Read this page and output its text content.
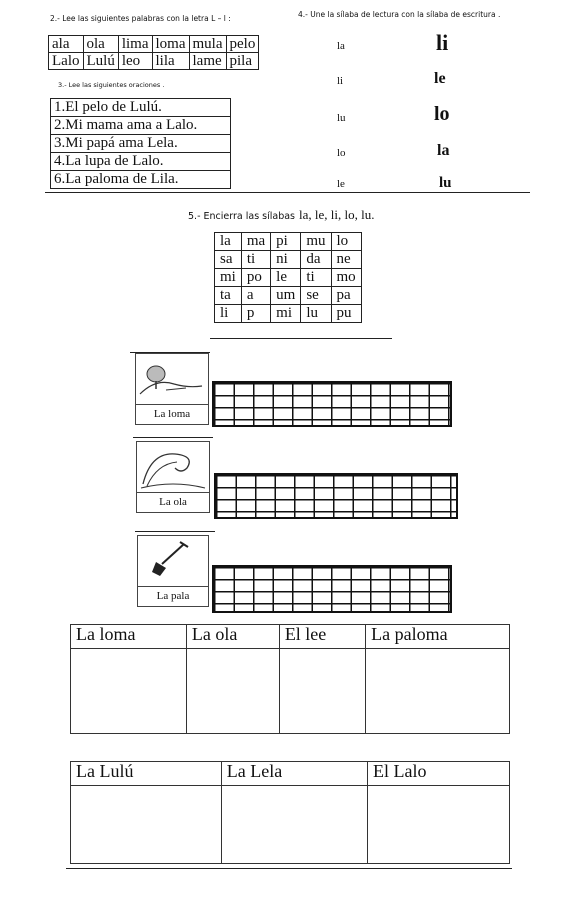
2.- Lee las siguientes palabras con la letra L – l :
ala	ola	lima	loma	mula	pelo
Lalo	Lulú	leo	lila	lame	pila
3.- Lee las siguientes oraciones .
1.El pelo de Lulú.
2.Mi mama ama a Lalo.
3.Mi papá ama Lela.
4.La lupa de Lalo.
6.La paloma de Lila.
4.- Une la sílaba de lectura con la sílaba de escritura .
la
li
lu
lo
le
li
le
lo
la
lu
5.- Encierra las sílabas la, le, li, lo, lu.
la	ma	pi	mu	lo
sa	ti	ni	da	ne
mi	po	le	ti	mo
ta	a	um	se	pa
li	p	mi	lu	pu
La loma
La ola
La pala
La loma	La ola	El lee	La paloma

La Lulú	La Lela	El Lalo
